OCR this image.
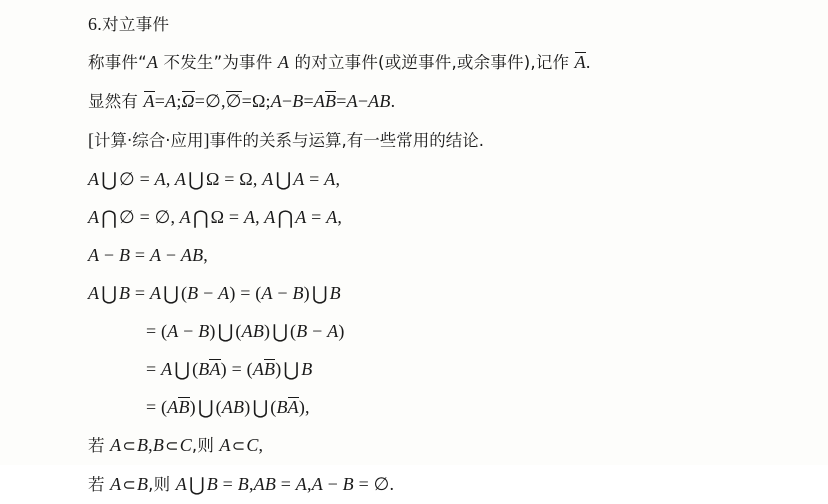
6.对立事件
称事件“A 不发生”为事件 A 的对立事件(或逆事件,或余事件),记作 A.
显然有 A=A;Ω=∅,∅=Ω;A−B=AB=A−AB.
[计算·综合·应用]事件的关系与运算,有一些常用的结论.
A ⋃ ∅ = A, A ⋃ Ω = Ω, A ⋃ A = A,
A ⋂ ∅ = ∅, A ⋂ Ω = A, A ⋂ A = A,
A − B = A − AB,
A ⋃ B = A ⋃ (B − A) = (A − B) ⋃ B
= (A − B) ⋃ (AB) ⋃ (B − A)
= A ⋃ (BA) = (AB) ⋃ B
= (AB) ⋃ (AB) ⋃ (BA),
若 A⊂B,B⊂C,则 A⊂C,
若 A⊂B,则 A ⋃ B = B,AB = A,A − B = ∅.
